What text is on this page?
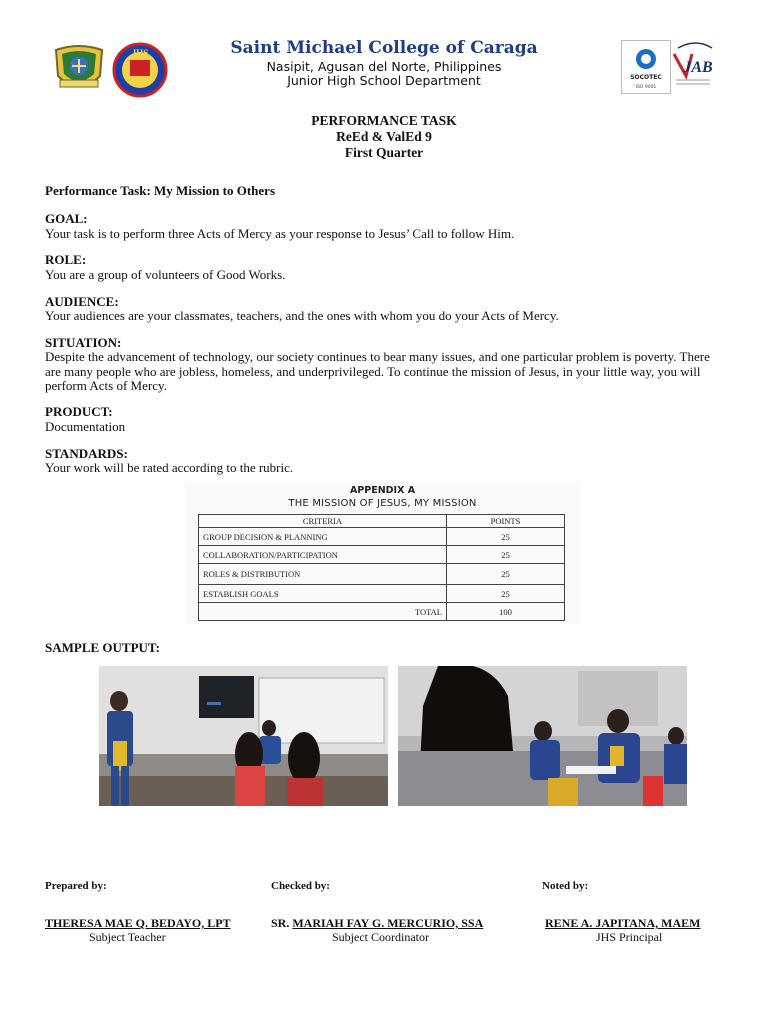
JHS	Saint Michael College of Caraga
Nasipit, Agusan del Norte, Philippines
Junior High School Department	SOCOTEC
ISO 9001
JAB
PERFORMANCE TASK
ReEd & ValEd 9
First Quarter
Performance Task: My Mission to Others
GOAL:
Your task is to perform three Acts of Mercy as your response to Jesus’ Call to follow Him.
ROLE:
You are a group of volunteers of Good Works.
AUDIENCE:
Your audiences are your classmates, teachers, and the ones with whom you do your Acts of Mercy.
SITUATION:
Despite the advancement of technology, our society continues to bear many issues, and one particular problem is poverty. There are many people who are jobless, homeless, and underprivileged. To continue the mission of Jesus, in your little way, you will perform Acts of Mercy.
PRODUCT:
Documentation
STANDARDS:
Your work will be rated according to the rubric.
APPENDIX A
THE MISSION OF JESUS, MY MISSION
CRITERIA	POINTS
GROUP DECISION & PLANNING	25
COLLABORATION/PARTICIPATION	25
ROLES & DISTRIBUTION	25
ESTABLISH GOALS	25
TOTAL	100
SAMPLE OUTPUT:
Prepared by:	Checked by:	Noted by:
THERESA MAE Q. BEDAYO, LPT
Subject Teacher
SR. MARIAH FAY G. MERCURIO, SSA
Subject Coordinator
RENE A. JAPITANA, MAEM
JHS Principal
